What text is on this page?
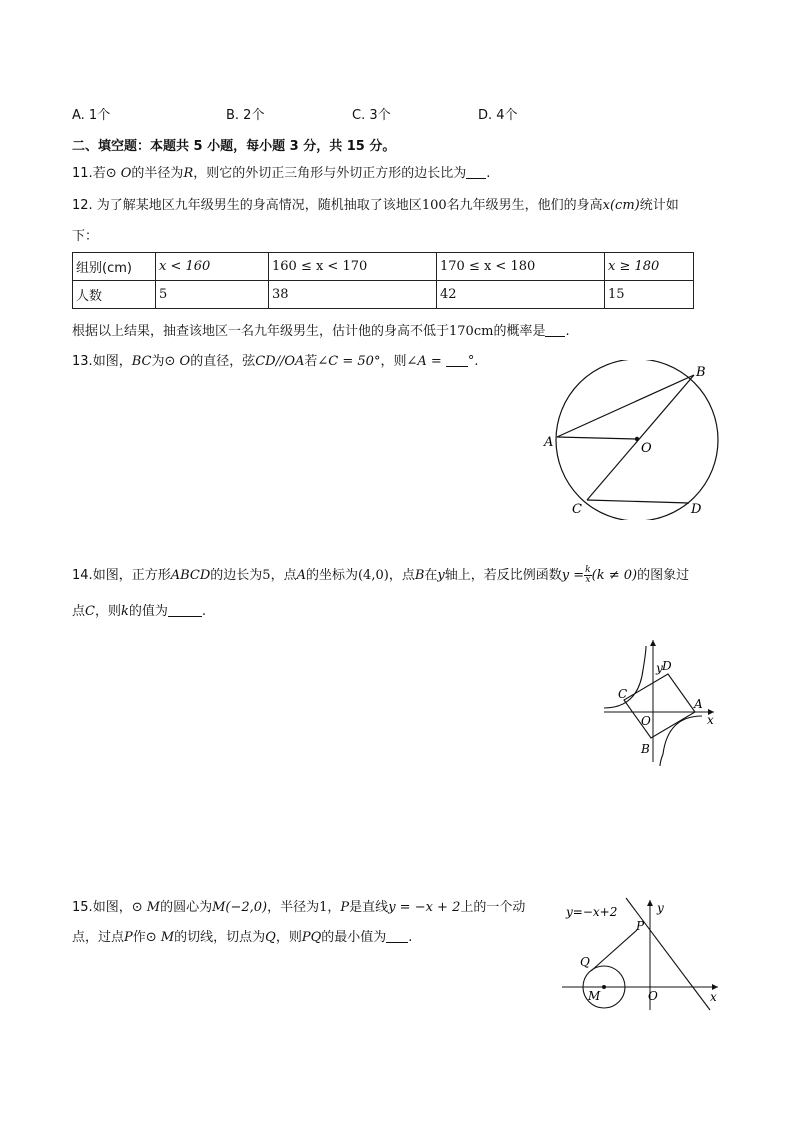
A. 1个	B. 2个	C. 3个	D. 4个
二、填空题：本题共 5 小题，每小题 3 分，共 15 分。
11.若⊙ O的半径为R，则它的外切正三角形与外切正方形的边长比为 .
12. 为了解某地区九年级男生的身高情况，随机抽取了该地区100名九年级男生，他们的身高x(cm)统计如
下：
组别(cm)	x < 160	160 ≤ x < 170	170 ≤ x < 180	x ≥ 180
人数	5	38	42	15
根据以上结果，抽查该地区一名九年级男生，估计他的身高不低于170cm的概率是 .
13.如图，BC为⊙ O的直径，弦CD//OA若∠C = 50°，则∠A = °.
B
A	O
C	D
14.如图，正方形ABCD的边长为5，点A的坐标为(4,0)，点B在y轴上，若反比例函数$y = \frac{k}{x} (k \ne 0)$的图象过
点C，则k的值为	.
y
x
D
C
A
O
B
15.如图，⊙ M的圆心为M(−2,0)，半径为1，P是直线y = −x + 2上的一个动
点，过点P作⊙ M的切线，切点为Q，则PQ的最小值为 .
y=−x+2	y
P
Q
M	O	x
